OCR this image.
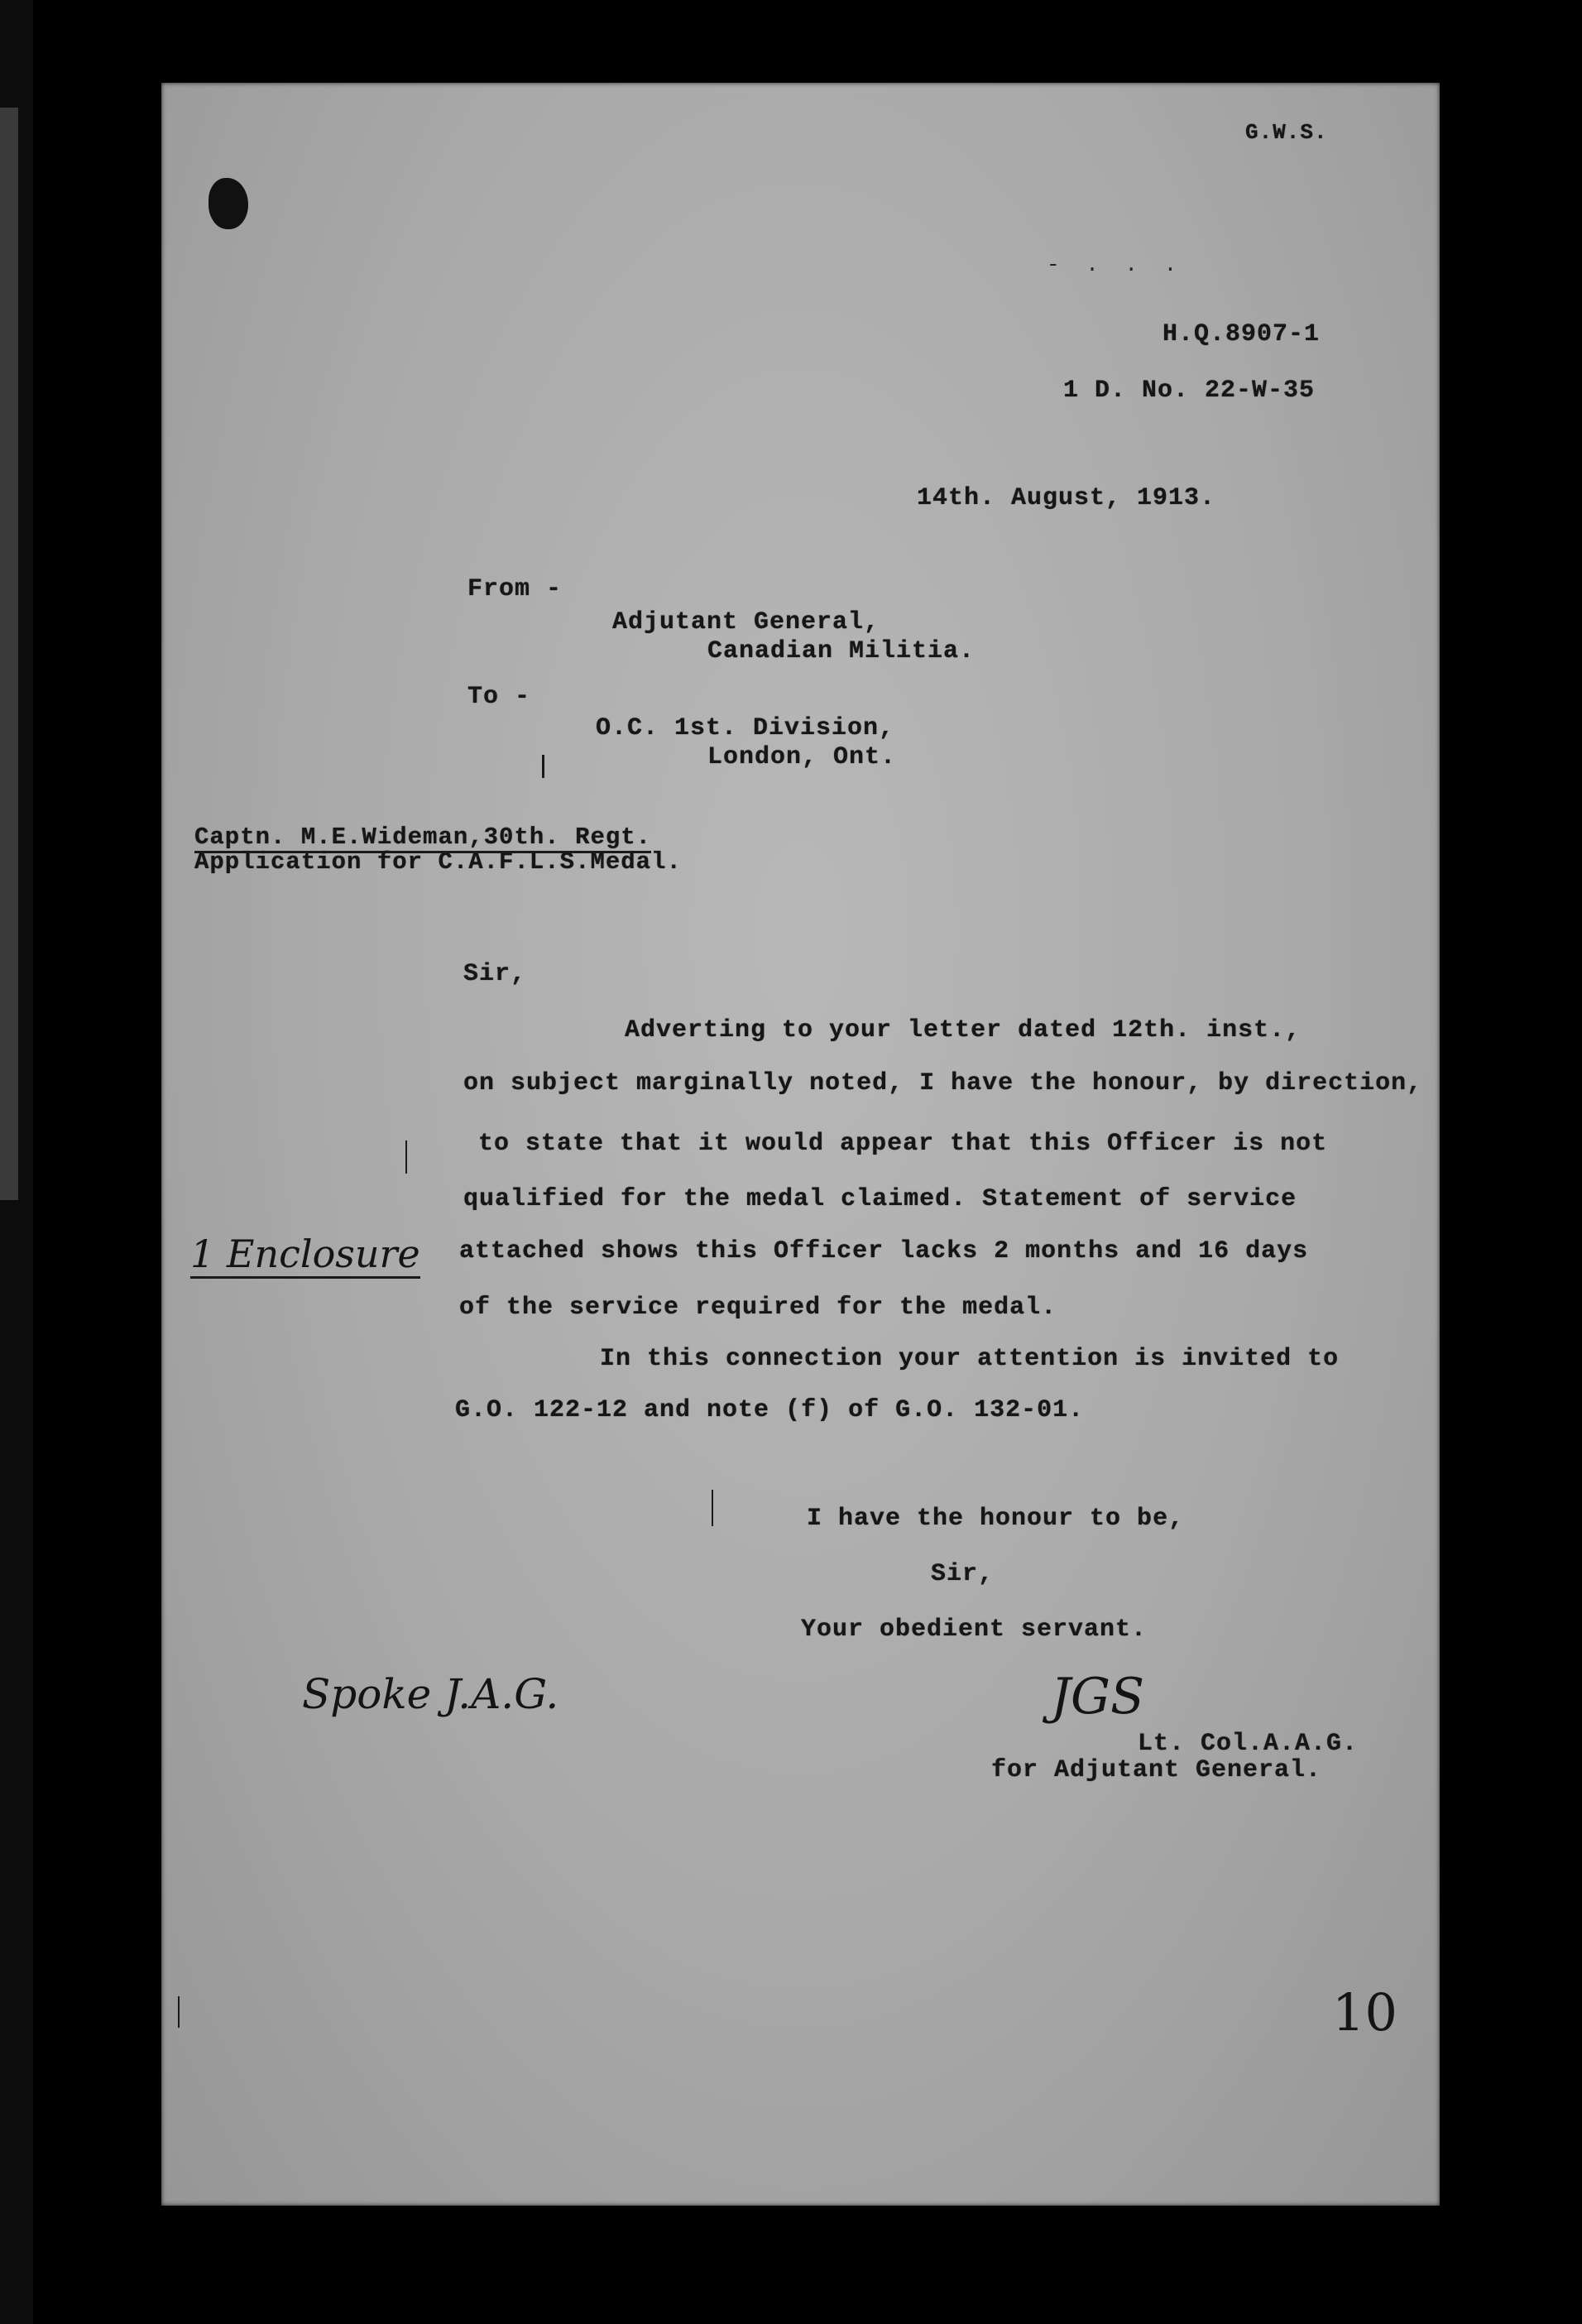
G.W.S.
- . . .
H.Q.8907-1
1 D. No. 22-W-35
14th. August, 1913.
From -
Adjutant General,
Canadian Militia.
To -
O.C. 1st. Division,
London, Ont.
Captn. M.E.Wideman,30th. Regt.
Application for C.A.F.L.S.Medal.
Sir,
Adverting to your letter dated 12th. inst.,
on subject marginally noted, I have the honour, by direction,
to state that it would appear that this Officer is not
qualified for the medal claimed. Statement of service
attached shows this Officer lacks 2 months and 16 days
of the service required for the medal.
In this connection your attention is invited to
G.O. 122-12 and note (f) of G.O. 132-01.
1 Enclosure
I have the honour to be,
Sir,
Your obedient servant.
Spoke J.A.G.	JGS
Lt. Col.A.A.G.
for Adjutant General.
10
